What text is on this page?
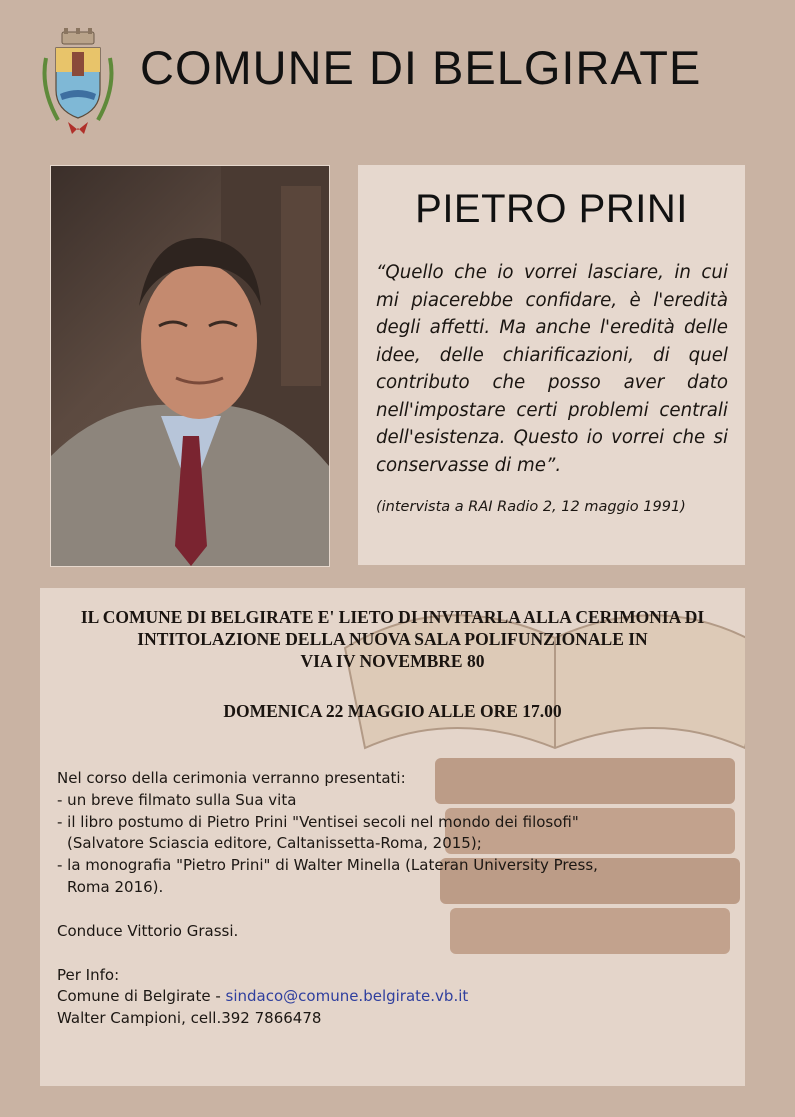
COMUNE DI BELGIRATE
PIETRO PRINI
“Quello che io vorrei lasciare, in cui mi piacerebbe confidare, è l'eredità degli affetti. Ma anche l'eredità delle idee, delle chiarificazioni, di quel contributo che posso aver dato nell'impostare certi problemi centrali dell'esistenza. Questo io vorrei che si conservasse di me”.
(intervista a RAI Radio 2, 12 maggio 1991)
IL COMUNE DI BELGIRATE E' LIETO DI INVITARLA ALLA CERIMONIA DI
INTITOLAZIONE DELLA NUOVA SALA POLIFUNZIONALE IN
VIA IV NOVEMBRE 80
DOMENICA 22 MAGGIO ALLE ORE 17.00
Nel corso della cerimonia verranno presentati:
- un breve filmato sulla Sua vita
- il libro postumo di Pietro Prini "Ventisei secoli nel mondo dei filosofi"
(Salvatore Sciascia editore, Caltanissetta-Roma, 2015);
- la monografia "Pietro Prini" di Walter Minella (Lateran University Press,
Roma 2016).
Conduce Vittorio Grassi.
Per Info:
Comune di Belgirate - sindaco@comune.belgirate.vb.it
Walter Campioni, cell.392 7866478
